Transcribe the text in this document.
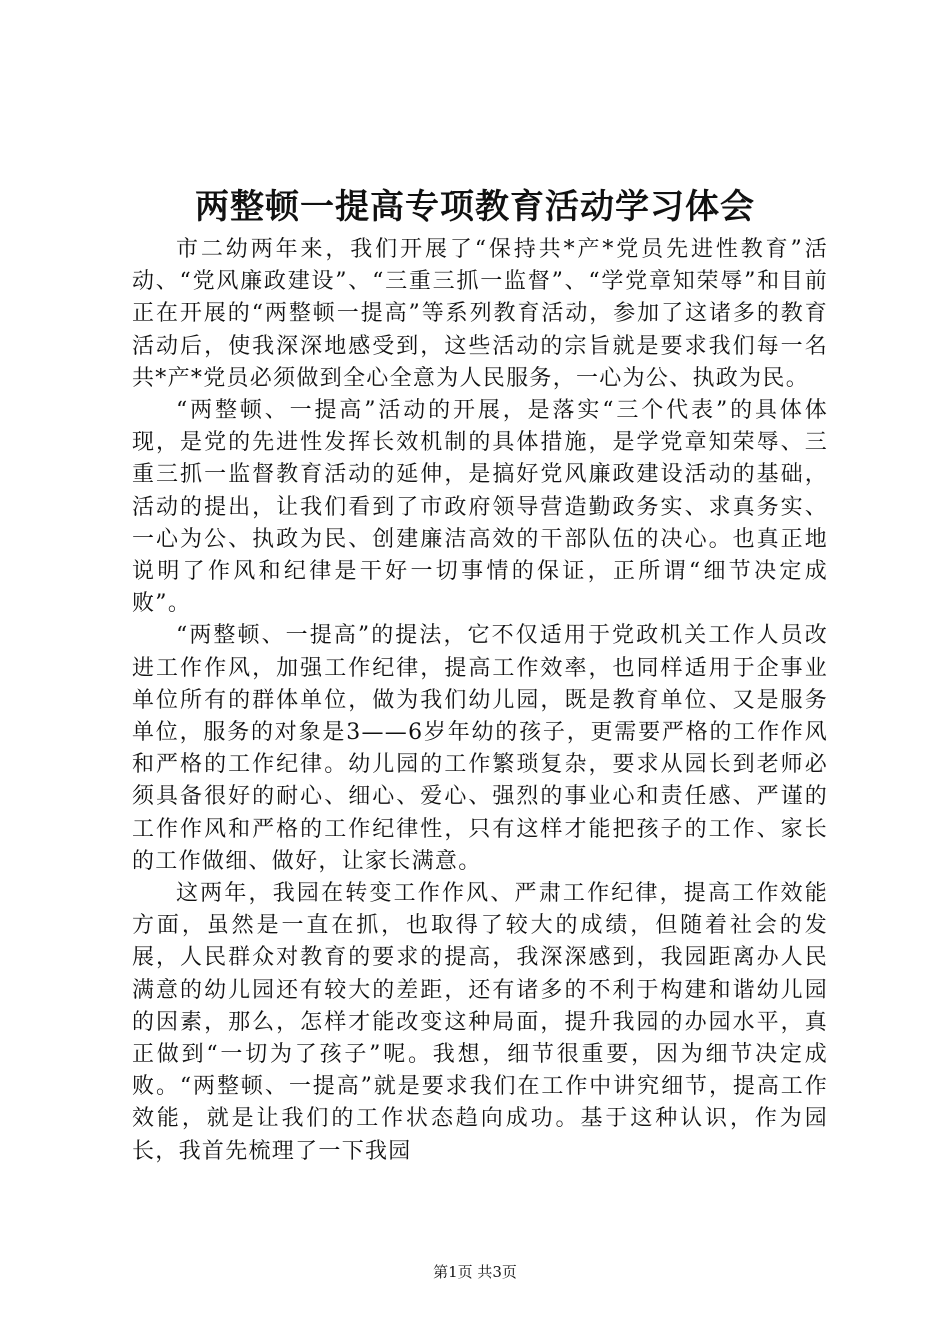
两整顿一提高专项教育活动学习体会

市二幼两年来，我们开展了“保持共*产*党员先进性教育”活动、“党风廉政建设”、“三重三抓一监督”、“学党章知荣辱”和目前正在开展的“两整顿一提高”等系列教育活动，参加了这诸多的教育活动后，使我深深地感受到，这些活动的宗旨就是要求我们每一名共*产*党员必须做到全心全意为人民服务，一心为公、执政为民。

“两整顿、一提高”活动的开展，是落实“三个代表”的具体体现，是党的先进性发挥长效机制的具体措施，是学党章知荣辱、三重三抓一监督教育活动的延伸，是搞好党风廉政建设活动的基础，活动的提出，让我们看到了市政府领导营造勤政务实、求真务实、一心为公、执政为民、创建廉洁高效的干部队伍的决心。也真正地说明了作风和纪律是干好一切事情的保证，正所谓“细节决定成败”。

“两整顿、一提高”的提法，它不仅适用于党政机关工作人员改进工作作风，加强工作纪律，提高工作效率，也同样适用于企事业单位所有的群体单位，做为我们幼儿园，既是教育单位、又是服务单位，服务的对象是3——6岁年幼的孩子，更需要严格的工作作风和严格的工作纪律。幼儿园的工作繁琐复杂，要求从园长到老师必须具备很好的耐心、细心、爱心、强烈的事业心和责任感、严谨的工作作风和严格的工作纪律性，只有这样才能把孩子的工作、家长的工作做细、做好，让家长满意。

这两年，我园在转变工作作风、严肃工作纪律，提高工作效能方面，虽然是一直在抓，也取得了较大的成绩，但随着社会的发展，人民群众对教育的要求的提高，我深深感到，我园距离办人民满意的幼儿园还有较大的差距，还有诸多的不利于构建和谐幼儿园的因素，那么，怎样才能改变这种局面，提升我园的办园水平，真正做到“一切为了孩子”呢。我想，细节很重要，因为细节决定成败。“两整顿、一提高”就是要求我们在工作中讲究细节，提高工作效能，就是让我们的工作状态趋向成功。基于这种认识，作为园长，我首先梳理了一下我园

第1页 共3页
